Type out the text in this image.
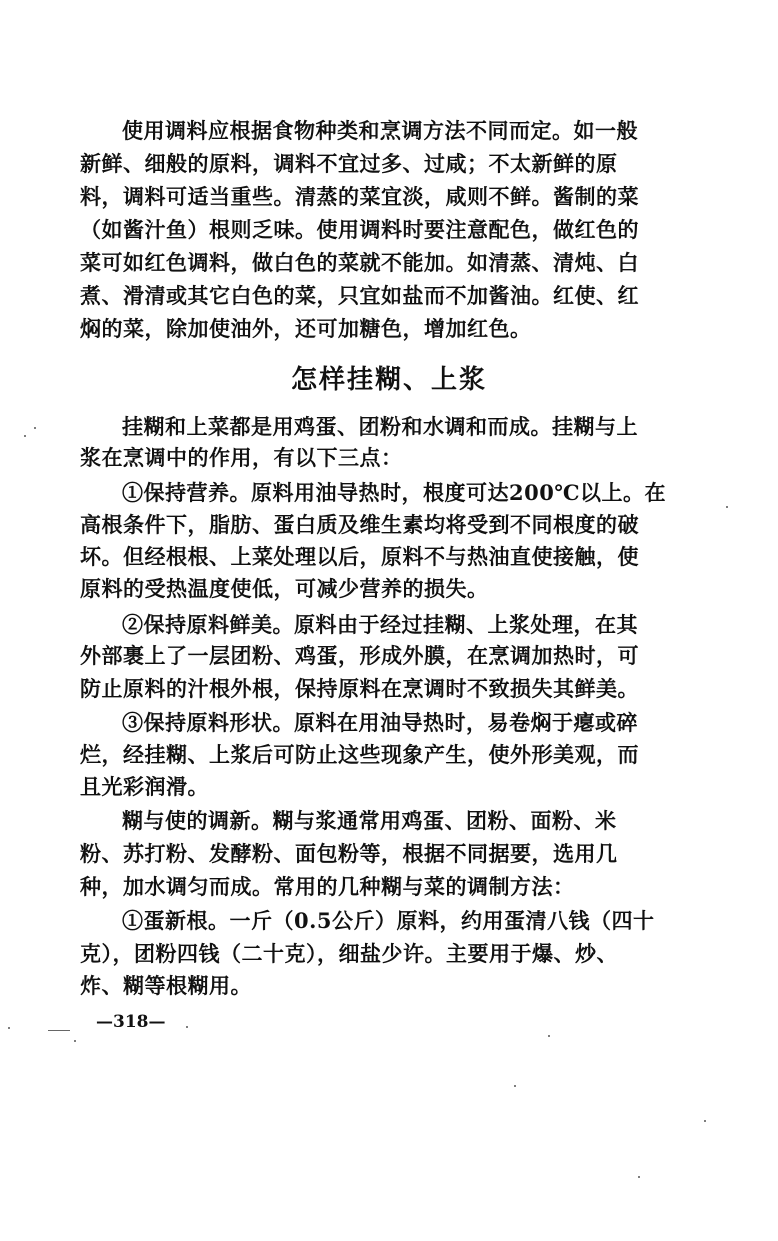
使用调料应根据食物种类和烹调方法不同而定。如一般
新鲜、细般的原料，调料不宜过多、过咸；不太新鲜的原
料，调料可适当重些。清蒸的菜宜淡，咸则不鲜。酱制的菜
（如酱汁鱼）根则乏味。使用调料时要注意配色，做红色的
菜可如红色调料，做白色的菜就不能加。如清蒸、清炖、白
煮、滑清或其它白色的菜，只宜如盐而不加酱油。红使、红
焖的菜，除加使油外，还可加糖色，增加红色。
怎样挂糊、上浆
挂糊和上菜都是用鸡蛋、团粉和水调和而成。挂糊与上
浆在烹调中的作用，有以下三点：
①保持营养。原料用油导热时，根度可达200℃以上。在
高根条件下，脂肪、蛋白质及维生素均将受到不同根度的破
坏。但经根根、上菜处理以后，原料不与热油直使接触，使
原料的受热温度使低，可减少营养的损失。
②保持原料鲜美。原料由于经过挂糊、上浆处理，在其
外部裹上了一层团粉、鸡蛋，形成外膜，在烹调加热时，可
防止原料的汁根外根，保持原料在烹调时不致损失其鲜美。
③保持原料形状。原料在用油导热时，易卷焖于瘪或碎
烂，经挂糊、上浆后可防止这些现象产生，使外形美观，而
且光彩润滑。
糊与使的调新。糊与浆通常用鸡蛋、团粉、面粉、米
粉、苏打粉、发酵粉、面包粉等，根据不同据要，选用几
种，加水调匀而成。常用的几种糊与菜的调制方法：
①蛋新根。一斤（0.5公斤）原料，约用蛋清八钱（四十
克），团粉四钱（二十克），细盐少许。主要用于爆、炒、
炸、糊等根糊用。
—318—
